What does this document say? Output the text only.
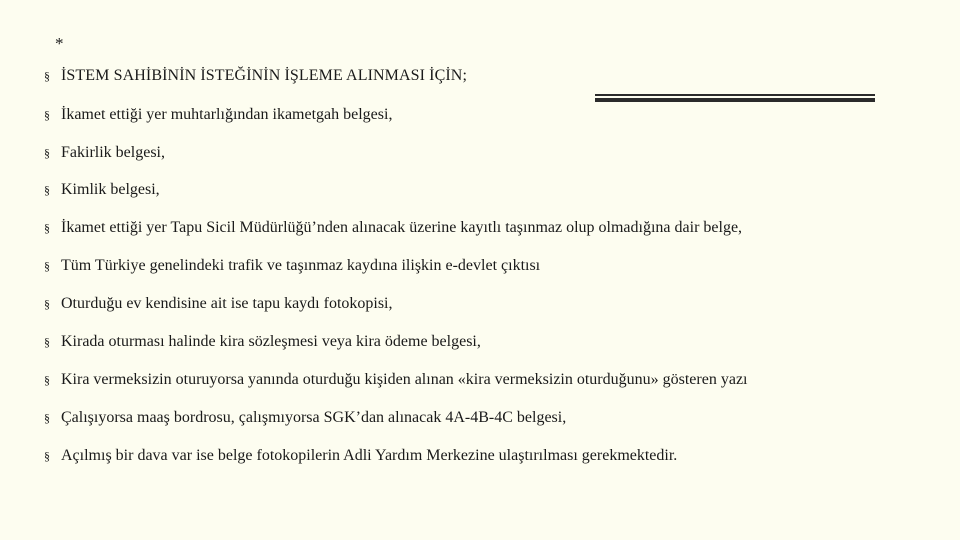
*
§ İSTEM SAHİBİNİN İSTEĞİNİN İŞLEME ALINMASI İÇİN;
§ İkamet ettiği yer muhtarlığından ikametgah belgesi,
§ Fakirlik belgesi,
§ Kimlik belgesi,
§ İkamet ettiği yer Tapu Sicil Müdürlüğü’nden alınacak üzerine kayıtlı taşınmaz olup olmadığına dair belge,
§ Tüm Türkiye genelindeki trafik ve taşınmaz kaydına ilişkin e-devlet çıktısı
§ Oturduğu ev kendisine ait ise tapu kaydı fotokopisi,
§ Kirada oturması halinde kira sözleşmesi veya kira ödeme belgesi,
§ Kira vermeksizin oturuyorsa yanında oturduğu kişiden alınan «kira vermeksizin oturduğunu» gösteren yazı
§ Çalışıyorsa maaş bordrosu, çalışmıyorsa SGK’dan alınacak 4A-4B-4C belgesi,
§ Açılmış bir dava var ise belge fotokopilerin Adli Yardım Merkezine ulaştırılması gerekmektedir.
